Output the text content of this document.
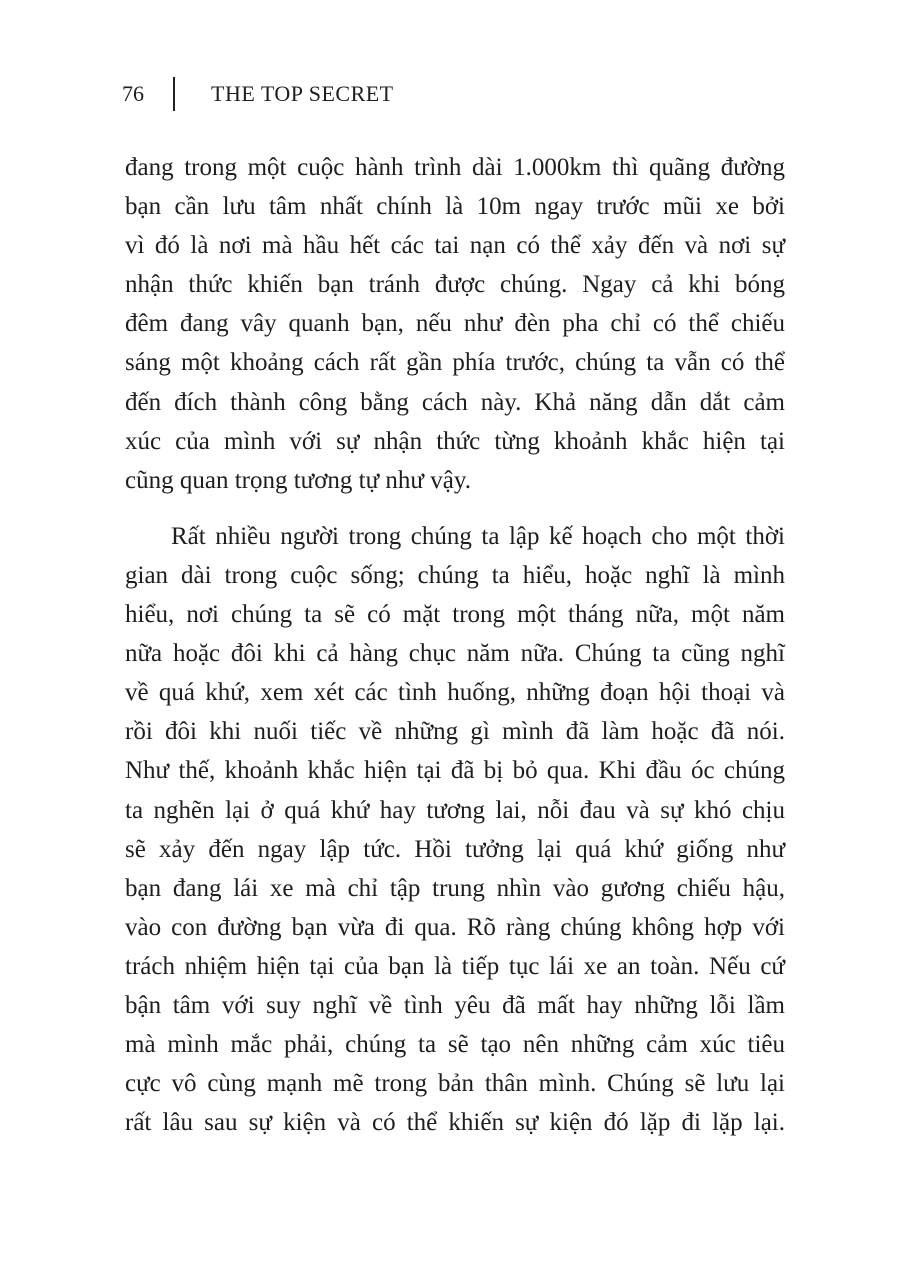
76	THE TOP SECRET
đang trong một cuộc hành trình dài 1.000km thì quãng đường
bạn cần lưu tâm nhất chính là 10m ngay trước mũi xe bởi
vì đó là nơi mà hầu hết các tai nạn có thể xảy đến và nơi sự
nhận thức khiến bạn tránh được chúng. Ngay cả khi bóng
đêm đang vây quanh bạn, nếu như đèn pha chỉ có thể chiếu
sáng một khoảng cách rất gần phía trước, chúng ta vẫn có thể
đến đích thành công bằng cách này. Khả năng dẫn dắt cảm
xúc của mình với sự nhận thức từng khoảnh khắc hiện tại
cũng quan trọng tương tự như vậy.
Rất nhiều người trong chúng ta lập kế hoạch cho một thời
gian dài trong cuộc sống; chúng ta hiểu, hoặc nghĩ là mình
hiểu, nơi chúng ta sẽ có mặt trong một tháng nữa, một năm
nữa hoặc đôi khi cả hàng chục năm nữa. Chúng ta cũng nghĩ
về quá khứ, xem xét các tình huống, những đoạn hội thoại và
rồi đôi khi nuối tiếc về những gì mình đã làm hoặc đã nói.
Như thế, khoảnh khắc hiện tại đã bị bỏ qua. Khi đầu óc chúng
ta nghẽn lại ở quá khứ hay tương lai, nỗi đau và sự khó chịu
sẽ xảy đến ngay lập tức. Hồi tưởng lại quá khứ giống như
bạn đang lái xe mà chỉ tập trung nhìn vào gương chiếu hậu,
vào con đường bạn vừa đi qua. Rõ ràng chúng không hợp với
trách nhiệm hiện tại của bạn là tiếp tục lái xe an toàn. Nếu cứ
bận tâm với suy nghĩ về tình yêu đã mất hay những lỗi lầm
mà mình mắc phải, chúng ta sẽ tạo nên những cảm xúc tiêu
cực vô cùng mạnh mẽ trong bản thân mình. Chúng sẽ lưu lại
rất lâu sau sự kiện và có thể khiến sự kiện đó lặp đi lặp lại.
